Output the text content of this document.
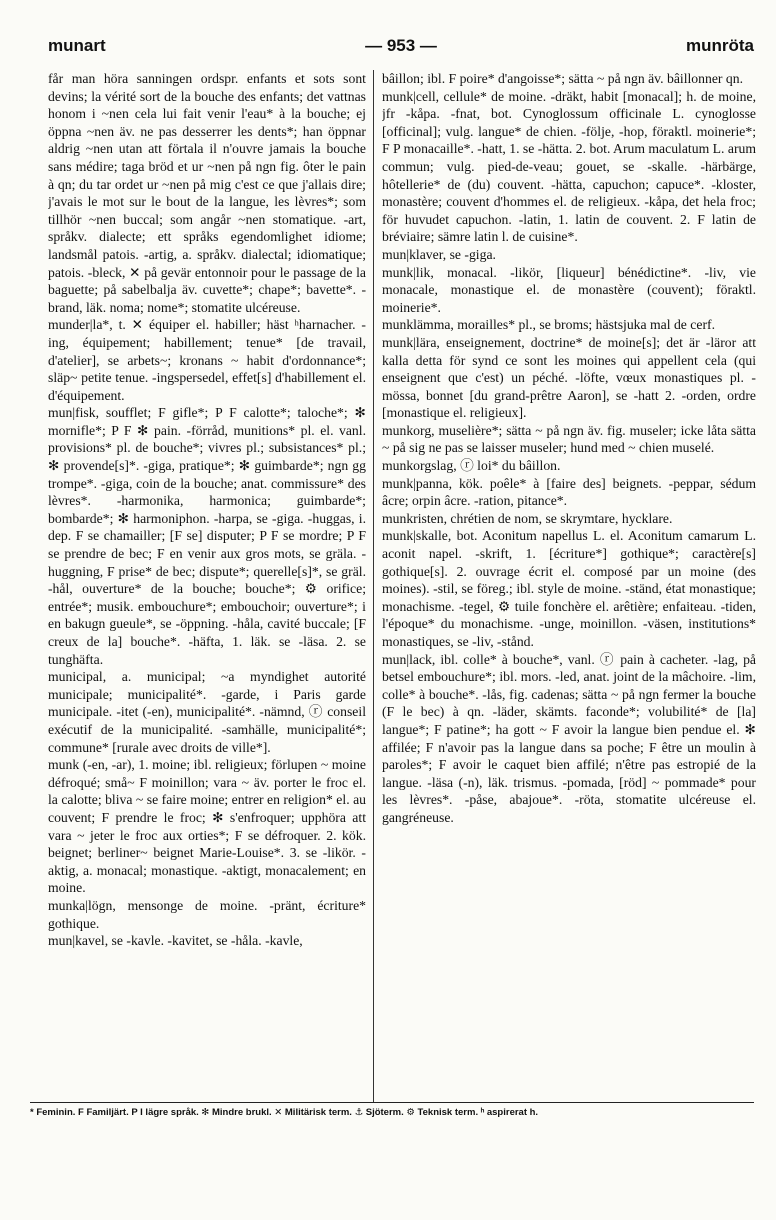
munart	— 953 —	munröta

får man höra sanningen ordspr. enfants et sots sont devins; la vérité sort de la bouche des enfants; det vattnas honom i ~nen cela lui fait venir l'eau* à la bouche; ej öppna ~nen äv. ne pas desserrer les dents*; han öppnar aldrig ~nen utan att förtala il n'ouvre jamais la bouche sans médire; taga bröd et ur ~nen på ngn fig. ôter le pain à qn; du tar ordet ur ~nen på mig c'est ce que j'allais dire; j'avais le mot sur le bout de la langue, les lèvres*; som tillhör ~nen buccal; som angår ~nen stomatique. -art, språkv. dialecte; ett språks egendomlighet idiome; landsmål patois. -artig, a. språkv. dialectal; idiomatique; patois. -bleck, ✕ på gevär entonnoir pour le passage de la baguette; på sabelbalja äv. cuvette*; chape*; bavette*. -brand, läk. noma; nome*; stomatite ulcéreuse.

munder|la*, t. ✕ équiper el. habiller; häst ʰharnacher. -ing, équipement; habillement; tenue* [de travail, d'atelier], se arbets~; kronans ~ habit d'ordonnance*; släp~ petite tenue. -ingspersedel, effet[s] d'habillement el. d'équipement.

mun|fisk, soufflet; F gifle*; P F calotte*; taloche*; ✻ mornifle*; P F ✻ pain. -förråd, munitions* pl. el. vanl. provisions* pl. de bouche*; vivres pl.; subsistances* pl.; ✻ provende[s]*. -giga, pratique*; ✻ guimbarde*; ngn gg trompe*. -giga, coin de la bouche; anat. commissure* des lèvres*. -harmonika, harmonica; guimbarde*; bombarde*; ✻ harmoniphon. -harpa, se -giga. -huggas, i. dep. F se chamailler; [F se] disputer; P F se mordre; P F se prendre de bec; F en venir aux gros mots, se gräla. -huggning, F prise* de bec; dispute*; querelle[s]*, se gräl. -hål, ouverture* de la bouche; bouche*; ⚙ orifice; entrée*; musik. embouchure*; embouchoir; ouverture*; i en bakugn gueule*, se -öppning. -håla, cavité buccale; [F creux de la] bouche*. -häfta, 1. läk. se -läsa. 2. se tunghäfta.

municipal, a. municipal; ~a myndighet autorité municipale; municipalité*. -garde, i Paris garde municipale. -itet (-en), municipalité*. -nämnd, ⓡ conseil exécutif de la municipalité. -samhälle, municipalité*; commune* [rurale avec droits de ville*].

munk (-en, -ar), 1. moine; ibl. religieux; förlupen ~ moine défroqué; små~ F moinillon; vara ~ äv. porter le froc el. la calotte; bliva ~ se faire moine; entrer en religion* el. au couvent; F prendre le froc; ✻ s'enfroquer; upphöra att vara ~ jeter le froc aux orties*; F se défroquer. 2. kök. beignet; berliner~ beignet Marie-Louise*. 3. se -likör. -aktig, a. monacal; monastique. -aktigt, monacalement; en moine.

munka|lögn, mensonge de moine. -pränt, écriture* gothique.

mun|kavel, se -kavle. -kavitet, se -håla. -kavle,

bâillon; ibl. F poire* d'angoisse*; sätta ~ på ngn äv. bâillonner qn.

munk|cell, cellule* de moine. -dräkt, habit [monacal]; h. de moine, jfr -kåpa. -fnat, bot. Cynoglossum officinale L. cynoglosse [officinal]; vulg. langue* de chien. -följe, -hop, föraktl. moinerie*; F P monacaille*. -hatt, 1. se -hätta. 2. bot. Arum maculatum L. arum commun; vulg. pied-de-veau; gouet, se -skalle. -härbärge, hôtellerie* de (du) couvent. -hätta, capuchon; capuce*. -kloster, monastère; couvent d'hommes el. de religieux. -kåpa, det hela froc; för huvudet capuchon. -latin, 1. latin de couvent. 2. F latin de bréviaire; sämre latin l. de cuisine*.

mun|klaver, se -giga.

munk|lik, monacal. -likör, [liqueur] bénédictine*. -liv, vie monacale, monastique el. de monastère (couvent); föraktl. moinerie*.

munklämma, morailles* pl., se broms; hästsjuka mal de cerf.

munk|lära, enseignement, doctrine* de moine[s]; det är -läror att kalla detta för synd ce sont les moines qui appellent cela (qui enseignent que c'est) un péché. -löfte, vœux monastiques pl. -mössa, bonnet [du grand-prêtre Aaron], se -hatt 2. -orden, ordre [monastique el. religieux].

munkorg, muselière*; sätta ~ på ngn äv. fig. museler; icke låta sätta ~ på sig ne pas se laisser museler; hund med ~ chien muselé.

munkorgslag, ⓡ loi* du bâillon.

munk|panna, kök. poêle* à [faire des] beignets. -peppar, sédum âcre; orpin âcre. -ration, pitance*.

munkristen, chrétien de nom, se skrymtare, hycklare.

munk|skalle, bot. Aconitum napellus L. el. Aconitum camarum L. aconit napel. -skrift, 1. [écriture*] gothique*; caractère[s] gothique[s]. 2. ouvrage écrit el. composé par un moine (des moines). -stil, se föreg.; ibl. style de moine. -ständ, état monastique; monachisme. -tegel, ⚙ tuile fonchère el. arêtière; enfaiteau. -tiden, l'époque* du monachisme. -unge, moinillon. -väsen, institutions* monastiques, se -liv, -stånd.

mun|lack, ibl. colle* à bouche*, vanl. ⓡ pain à cacheter. -lag, på betsel embouchure*; ibl. mors. -led, anat. joint de la mâchoire. -lim, colle* à bouche*. -lås, fig. cadenas; sätta ~ på ngn fermer la bouche (F le bec) à qn. -läder, skämts. faconde*; volubilité* de [la] langue*; F patine*; ha gott ~ F avoir la langue bien pendue el. ✻ affilée; F n'avoir pas la langue dans sa poche; F être un moulin à paroles*; F avoir le caquet bien affilé; n'être pas estropié de la langue. -läsa (-n), läk. trismus. -pomada, [röd] ~ pommade* pour les lèvres*. -påse, abajoue*. -röta, stomatite ulcéreuse el. gangréneuse.

* Feminin. F Familjärt. P I lägre språk. ✻ Mindre brukl. ✕ Militärisk term. ⚓ Sjöterm. ⚙ Teknisk term. ʰ aspirerat h.
